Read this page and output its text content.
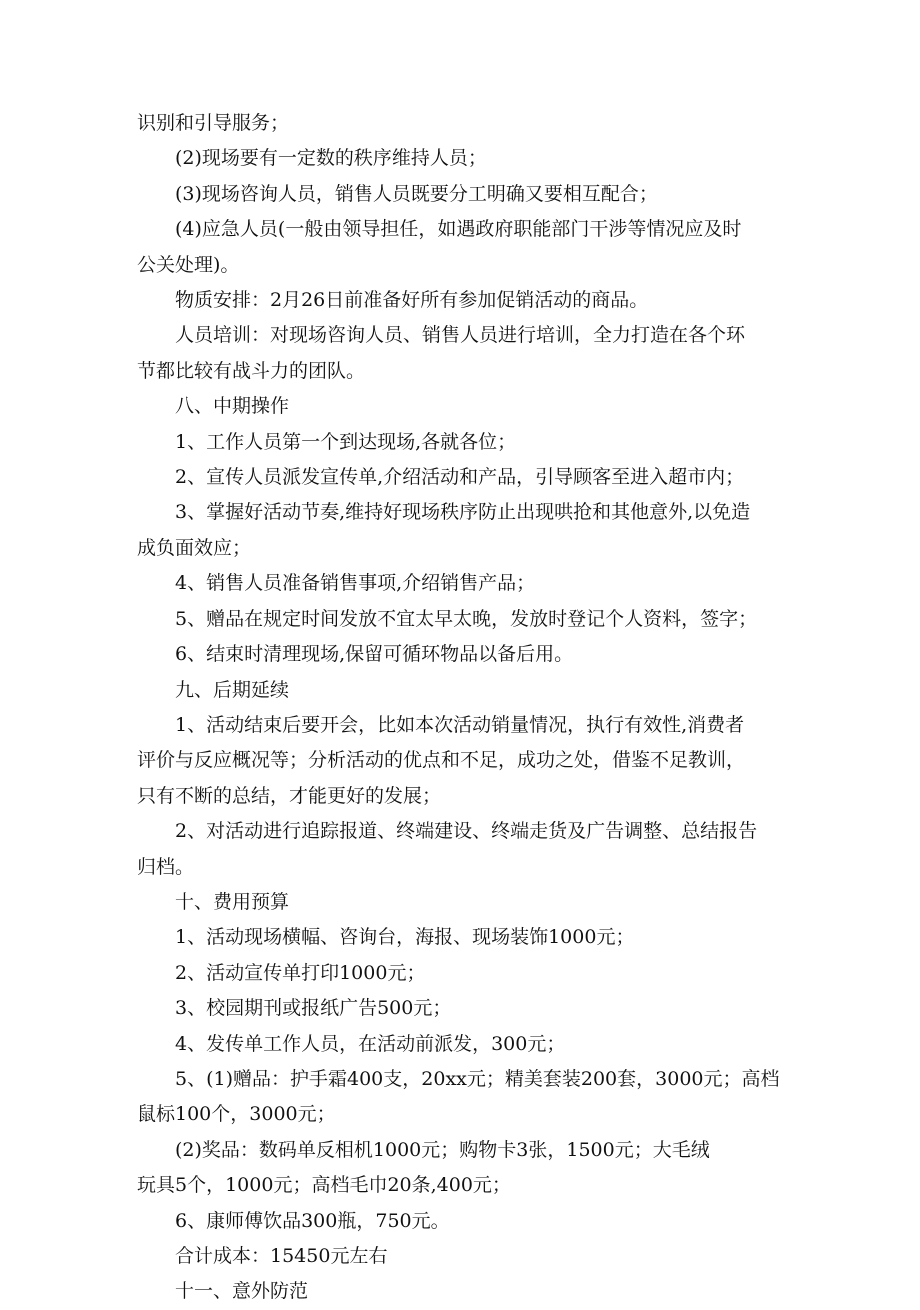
识别和引导服务；

(2)现场要有一定数的秩序维持人员；

(3)现场咨询人员，销售人员既要分工明确又要相互配合；

(4)应急人员(一般由领导担任，如遇政府职能部门干涉等情况应及时

公关处理)。

物质安排：2月26日前准备好所有参加促销活动的商品。

人员培训：对现场咨询人员、销售人员进行培训，全力打造在各个环

节都比较有战斗力的团队。

八、中期操作

1、工作人员第一个到达现场,各就各位；

2、宣传人员派发宣传单,介绍活动和产品，引导顾客至进入超市内；

3、掌握好活动节奏,维持好现场秩序防止出现哄抢和其他意外,以免造

成负面效应；

4、销售人员准备销售事项,介绍销售产品；

5、赠品在规定时间发放不宜太早太晚，发放时登记个人资料，签字；

6、结束时清理现场,保留可循环物品以备后用。

九、后期延续

1、活动结束后要开会，比如本次活动销量情况，执行有效性,消费者

评价与反应概况等；分析活动的优点和不足，成功之处，借鉴不足教训，

只有不断的总结，才能更好的发展；

2、对活动进行追踪报道、终端建设、终端走货及广告调整、总结报告

归档。

十、费用预算

1、活动现场横幅、咨询台，海报、现场装饰1000元；

2、活动宣传单打印1000元；

3、校园期刊或报纸广告500元；

4、发传单工作人员，在活动前派发，300元；

5、(1)赠品：护手霜400支，20xx元；精美套装200套，3000元；高档

鼠标100个，3000元；

(2)奖品：数码单反相机1000元；购物卡3张，1500元；大毛绒

玩具5个，1000元；高档毛巾20条,400元；

6、康师傅饮品300瓶，750元。

合计成本：15450元左右

十一、意外防范
